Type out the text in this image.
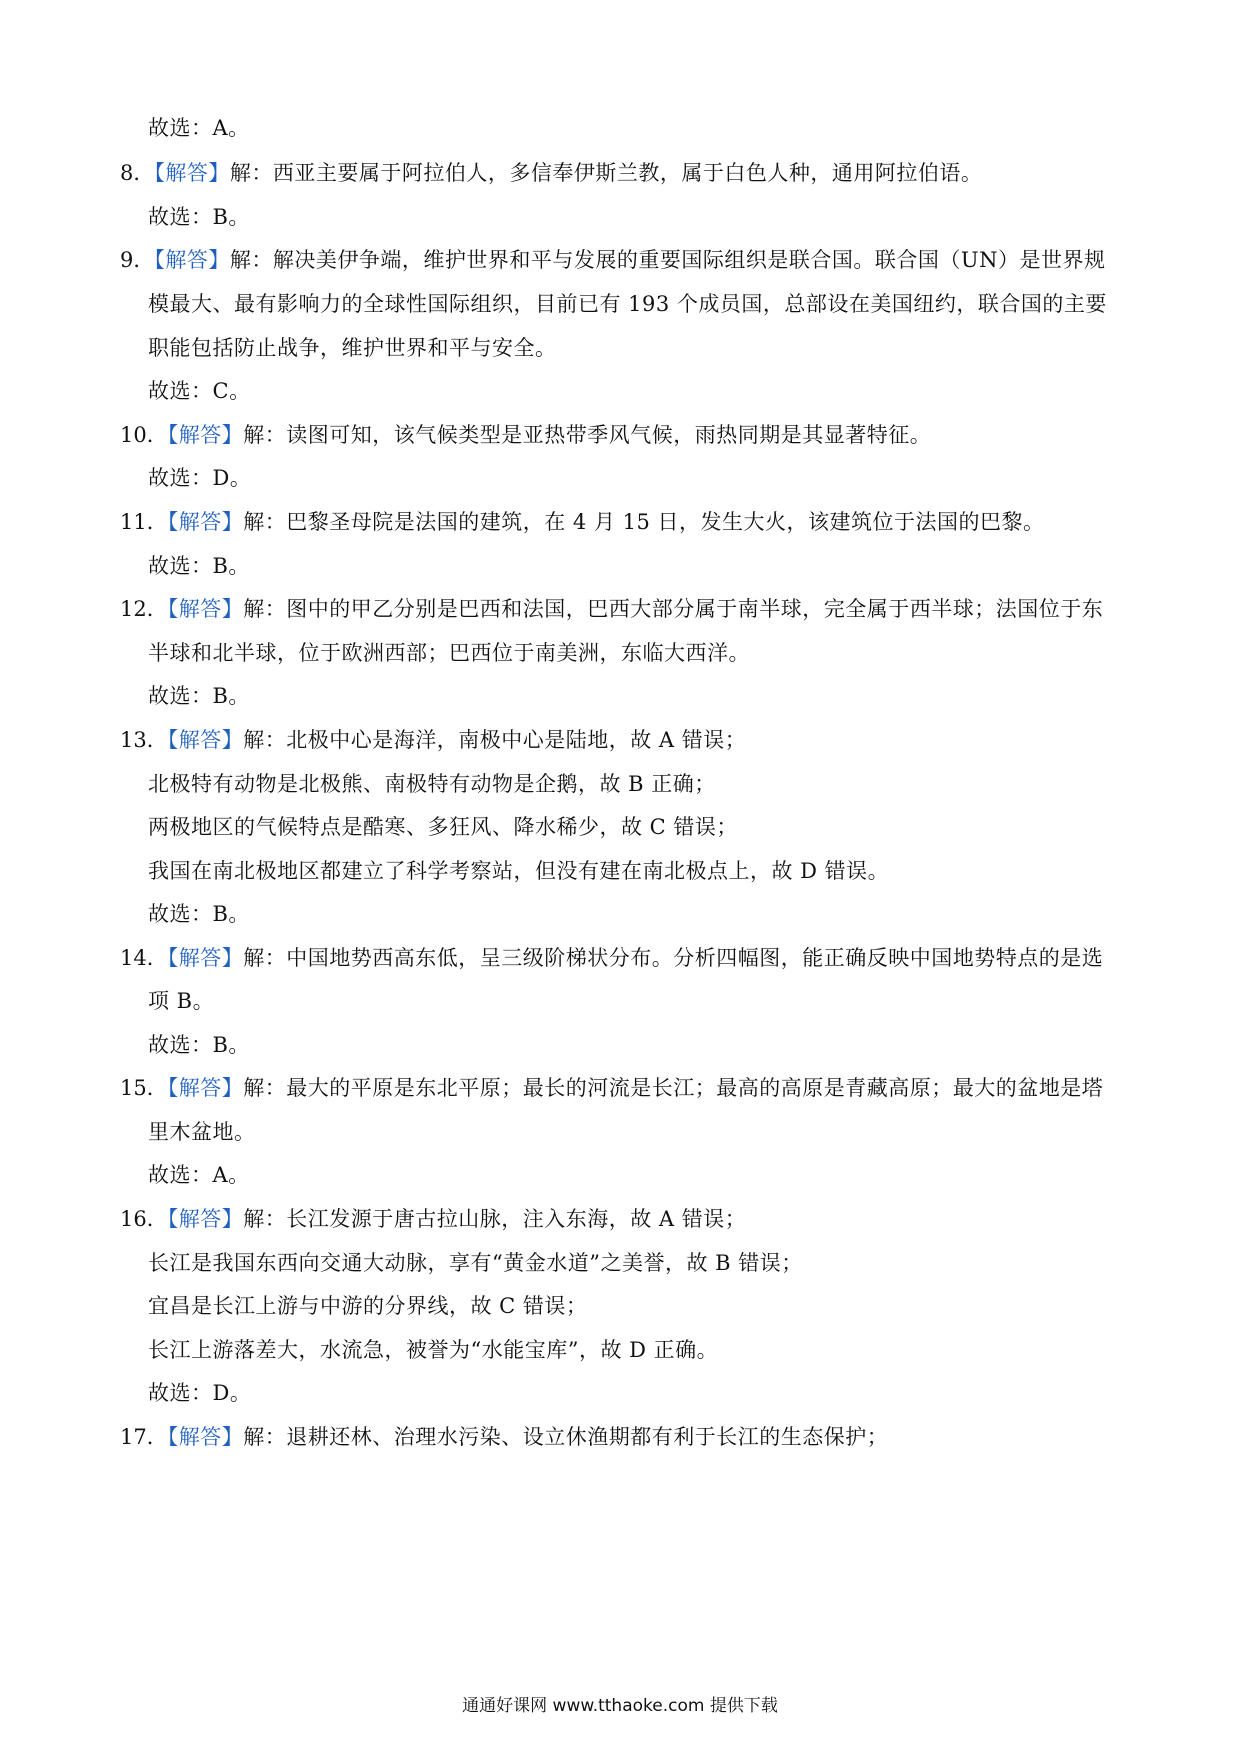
故选：A。
8．【解答】解：西亚主要属于阿拉伯人，多信奉伊斯兰教，属于白色人种，通用阿拉伯语。
故选：B。
9．【解答】解：解决美伊争端，维护世界和平与发展的重要国际组织是联合国。联合国（UN）是世界规
模最大、最有影响力的全球性国际组织，目前已有 193 个成员国，总部设在美国纽约，联合国的主要
职能包括防止战争，维护世界和平与安全。
故选：C。
10．【解答】解：读图可知，该气候类型是亚热带季风气候，雨热同期是其显著特征。
故选：D。
11．【解答】解：巴黎圣母院是法国的建筑，在 4 月 15 日，发生大火，该建筑位于法国的巴黎。
故选：B。
12．【解答】解：图中的甲乙分别是巴西和法国，巴西大部分属于南半球，完全属于西半球；法国位于东
半球和北半球，位于欧洲西部；巴西位于南美洲，东临大西洋。
故选：B。
13．【解答】解：北极中心是海洋，南极中心是陆地，故 A 错误；
北极特有动物是北极熊、南极特有动物是企鹅，故 B 正确；
两极地区的气候特点是酷寒、多狂风、降水稀少，故 C 错误；
我国在南北极地区都建立了科学考察站，但没有建在南北极点上，故 D 错误。
故选：B。
14．【解答】解：中国地势西高东低，呈三级阶梯状分布。分析四幅图，能正确反映中国地势特点的是选
项 B。
故选：B。
15．【解答】解：最大的平原是东北平原；最长的河流是长江；最高的高原是青藏高原；最大的盆地是塔
里木盆地。
故选：A。
16．【解答】解：长江发源于唐古拉山脉，注入东海，故 A 错误；
长江是我国东西向交通大动脉，享有“黄金水道”之美誉，故 B 错误；
宜昌是长江上游与中游的分界线，故 C 错误；
长江上游落差大，水流急，被誉为“水能宝库”，故 D 正确。
故选：D。
17．【解答】解：退耕还林、治理水污染、设立休渔期都有利于长江的生态保护；
通通好课网 www.tthaoke.com 提供下载
